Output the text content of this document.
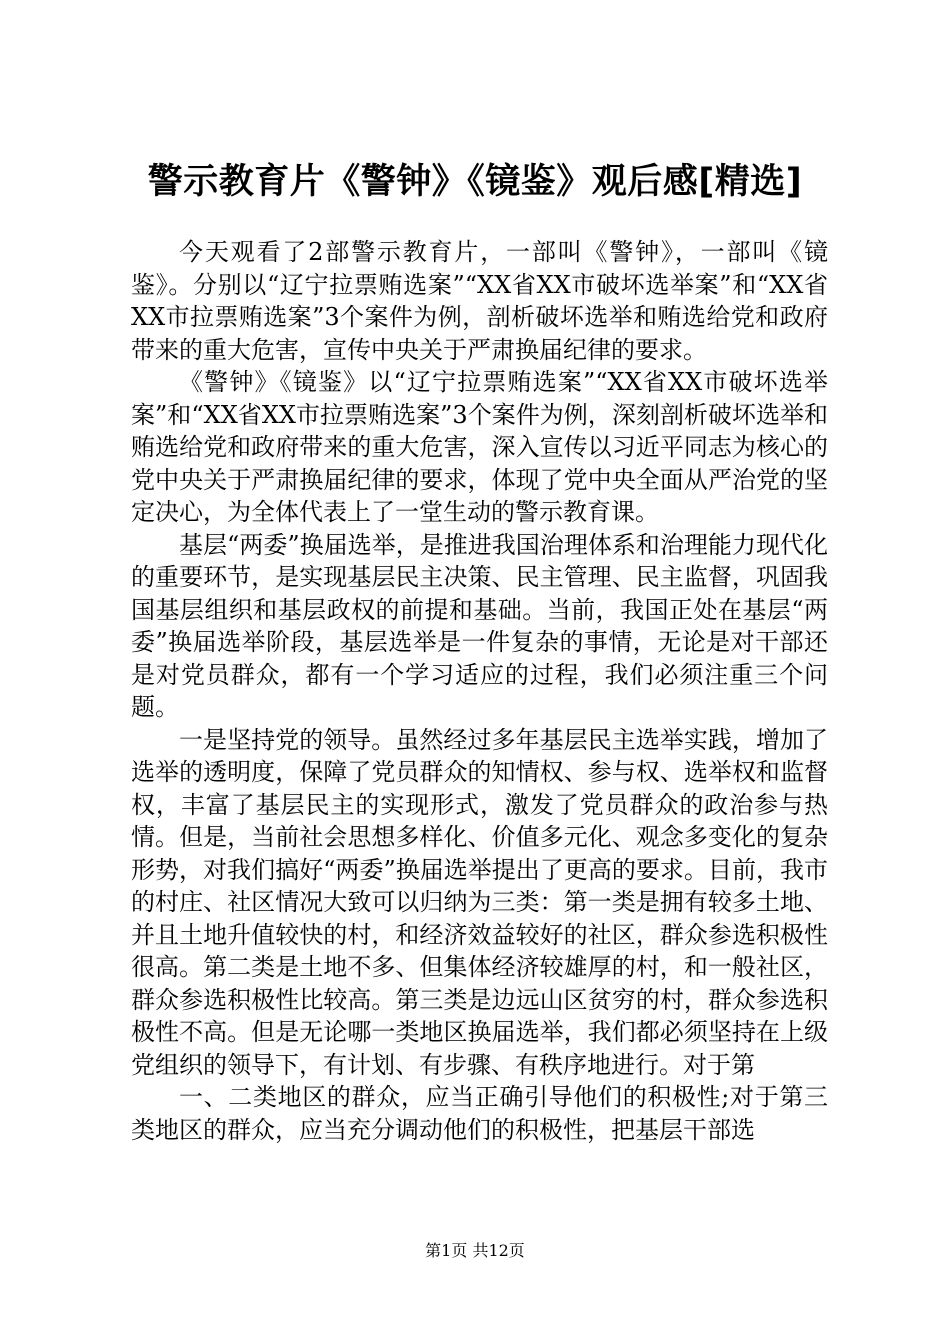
警示教育片《警钟》《镜鉴》观后感[精选]

今天观看了2部警示教育片，一部叫《警钟》，一部叫《镜鉴》。分别以“辽宁拉票贿选案”“XX省XX市破坏选举案”和“XX省XX市拉票贿选案”3个案件为例，剖析破坏选举和贿选给党和政府带来的重大危害，宣传中央关于严肃换届纪律的要求。

《警钟》《镜鉴》以“辽宁拉票贿选案”“XX省XX市破坏选举案”和“XX省XX市拉票贿选案”3个案件为例，深刻剖析破坏选举和贿选给党和政府带来的重大危害，深入宣传以习近平同志为核心的党中央关于严肃换届纪律的要求，体现了党中央全面从严治党的坚定决心，为全体代表上了一堂生动的警示教育课。

基层“两委”换届选举，是推进我国治理体系和治理能力现代化的重要环节，是实现基层民主决策、民主管理、民主监督，巩固我国基层组织和基层政权的前提和基础。当前，我国正处在基层“两委”换届选举阶段，基层选举是一件复杂的事情，无论是对干部还是对党员群众，都有一个学习适应的过程，我们必须注重三个问题。

一是坚持党的领导。虽然经过多年基层民主选举实践，增加了选举的透明度，保障了党员群众的知情权、参与权、选举权和监督权，丰富了基层民主的实现形式，激发了党员群众的政治参与热情。但是，当前社会思想多样化、价值多元化、观念多变化的复杂形势，对我们搞好“两委”换届选举提出了更高的要求。目前，我市的村庄、社区情况大致可以归纳为三类：第一类是拥有较多土地、并且土地升值较快的村，和经济效益较好的社区，群众参选积极性很高。第二类是土地不多、但集体经济较雄厚的村，和一般社区，群众参选积极性比较高。第三类是边远山区贫穷的村，群众参选积极性不高。但是无论哪一类地区换届选举，我们都必须坚持在上级党组织的领导下，有计划、有步骤、有秩序地进行。对于第

一、二类地区的群众，应当正确引导他们的积极性;对于第三类地区的群众，应当充分调动他们的积极性，把基层干部选

第1页 共12页
